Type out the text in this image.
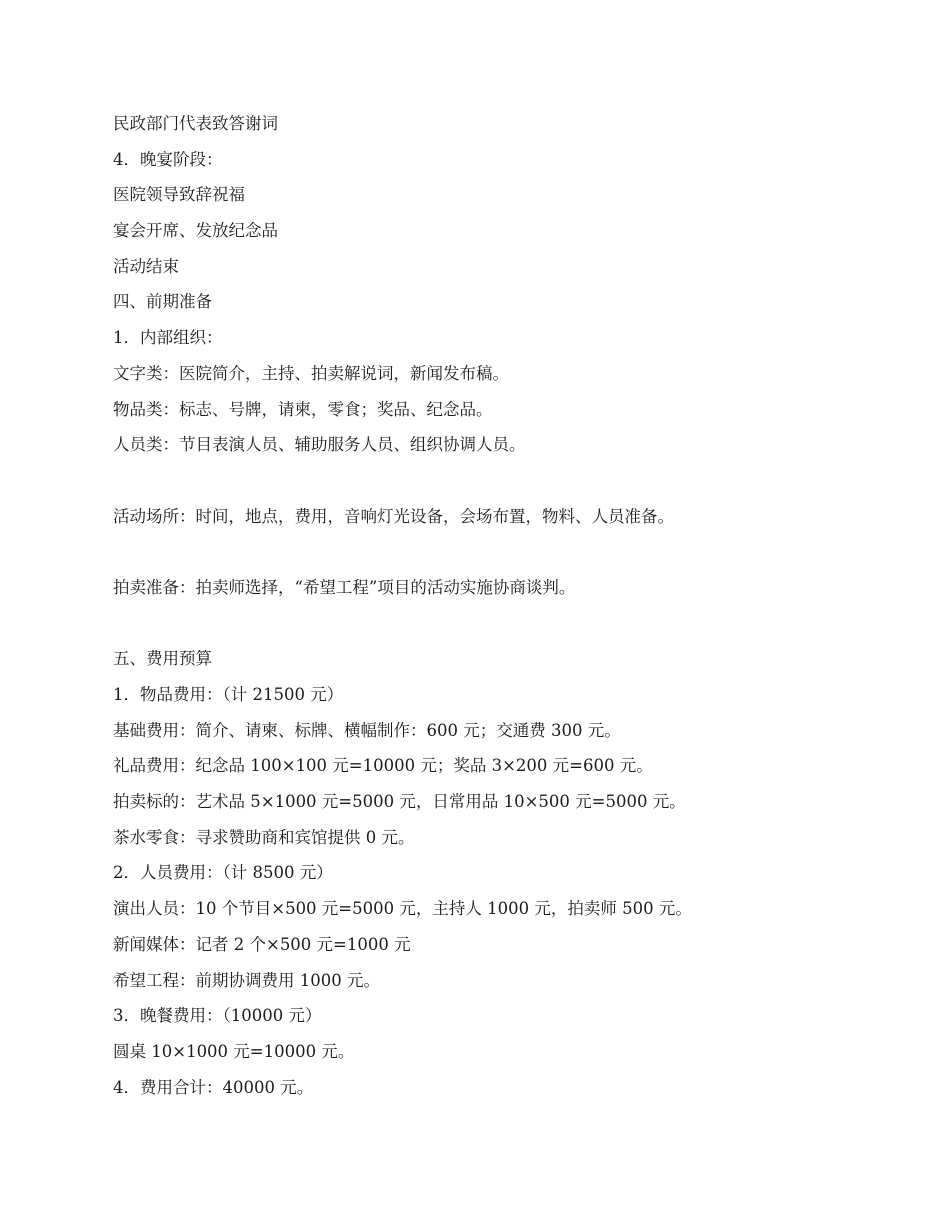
民政部门代表致答谢词
4．晚宴阶段：
医院领导致辞祝福
宴会开席、发放纪念品
活动结束
四、前期准备
1．内部组织：
文字类：医院简介，主持、拍卖解说词，新闻发布稿。
物品类：标志、号牌，请柬，零食；奖品、纪念品。
人员类：节目表演人员、辅助服务人员、组织协调人员。
活动场所：时间，地点，费用，音响灯光设备，会场布置，物料、人员准备。
拍卖准备：拍卖师选择，“希望工程”项目的活动实施协商谈判。
五、费用预算
1．物品费用：（计 21500 元）
基础费用：简介、请柬、标牌、横幅制作：600 元；交通费 300 元。
礼品费用：纪念品 100×100 元=10000 元；奖品 3×200 元=600 元。
拍卖标的：艺术品 5×1000 元=5000 元，日常用品 10×500 元=5000 元。
茶水零食：寻求赞助商和宾馆提供 0 元。
2．人员费用：（计 8500 元）
演出人员：10 个节目×500 元=5000 元，主持人 1000 元，拍卖师 500 元。
新闻媒体：记者 2 个×500 元=1000 元
希望工程：前期协调费用 1000 元。
3．晚餐费用：（10000 元）
圆桌 10×1000 元=10000 元。
4．费用合计：40000 元。
